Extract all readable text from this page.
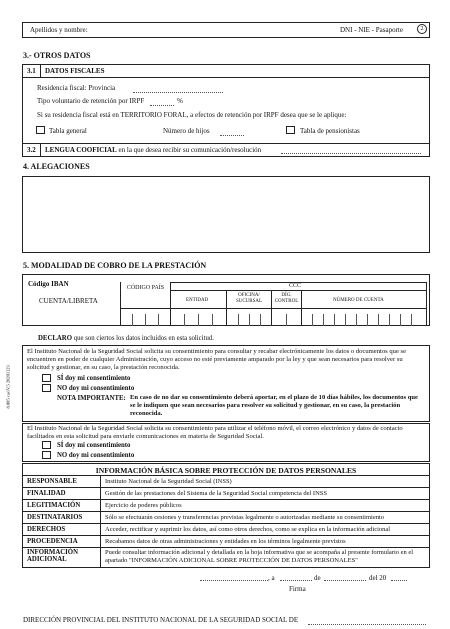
Apellidos y nombre:	DNI - NIE - Pasaporte	2
8.005 cas\V.5 20201123
3.- OTROS DATOS
3.1 DATOS FISCALES
Residencia fiscal: Provincia
Tipo voluntario de retención por IRPF	%
Si su residencia fiscal está en TERRITORIO FORAL, a efectos de retención por IRPF desea que se le aplique:
Tabla general	Número de hijos	Tabla de pensionistas
3.2 LENGUA COOFICIAL en la que desea recibir su comunicación/resolución
4. ALEGACIONES
5. MODALIDAD DE COBRO DE LA PRESTACIÓN
Código IBAN
CUENTA/LIBRETA
CÓDIGO PAÍS	CCC
ENTIDAD
OFICINA/ SUCURSAL
DÍG. CONTROL	NÚMERO DE CUENTA
DECLARO que son ciertos los datos incluidos en esta solicitud.
El Instituto Nacional de la Seguridad Social solicita su consentimiento para consultar y recabar electrónicamente los datos o documentos que se encuentren en poder de cualquier Administración, cuyo acceso no esté previamente amparado por la ley y que sean necesarios para resolver su solicitud y gestionar, en su caso, la prestación reconocida.
SÍ doy mi consentimiento
NO doy mi consentimiento
NOTA IMPORTANTE: En caso de no dar su consentimiento deberá aportar, en el plazo de 10 días hábiles, los documentos que se le indiquen que sean necesarios para resolver su solicitud y gestionar, en su caso, la prestación reconocida.
El Instituto Nacional de la Seguridad Social solicita su consentimiento para utilizar el teléfono móvil, el correo electrónico y datos de contacto facilitados en esta solicitud para enviarle comunicaciones en materia de Seguridad Social.
SÍ doy mi consentimiento
NO doy mi consentimiento
INFORMACIÓN BÁSICA SOBRE PROTECCIÓN DE DATOS PERSONALES
RESPONSABLE	Instituto Nacional de la Seguridad Social (INSS)
FINALIDAD	Gestión de las prestaciones del Sistema de la Seguridad Social competencia del INSS
LEGITIMACIÓN	Ejercicio de poderes públicos
DESTINATARIOS	Sólo se efectuarán cesiones y transferencias previstas legalmente o autorizadas mediante su consentimiento
DERECHOS	Acceder, rectificar y suprimir los datos, así como otros derechos, como se explica en la información adicional
PROCEDENCIA	Recabamos datos de otras administraciones y entidades en los términos legalmente previstos
INFORMACIÓN ADICIONAL
Puede consultar información adicional y detallada en la hoja informativa que se acompaña al presente formulario en el apartado "INFORMACIÓN ADICIONAL SOBRE PROTECCIÓN DE DATOS PERSONALES"
, a	de	del 20
Firma
DIRECCIÓN PROVINCIAL DEL INSTITUTO NACIONAL DE LA SEGURIDAD SOCIAL DE
